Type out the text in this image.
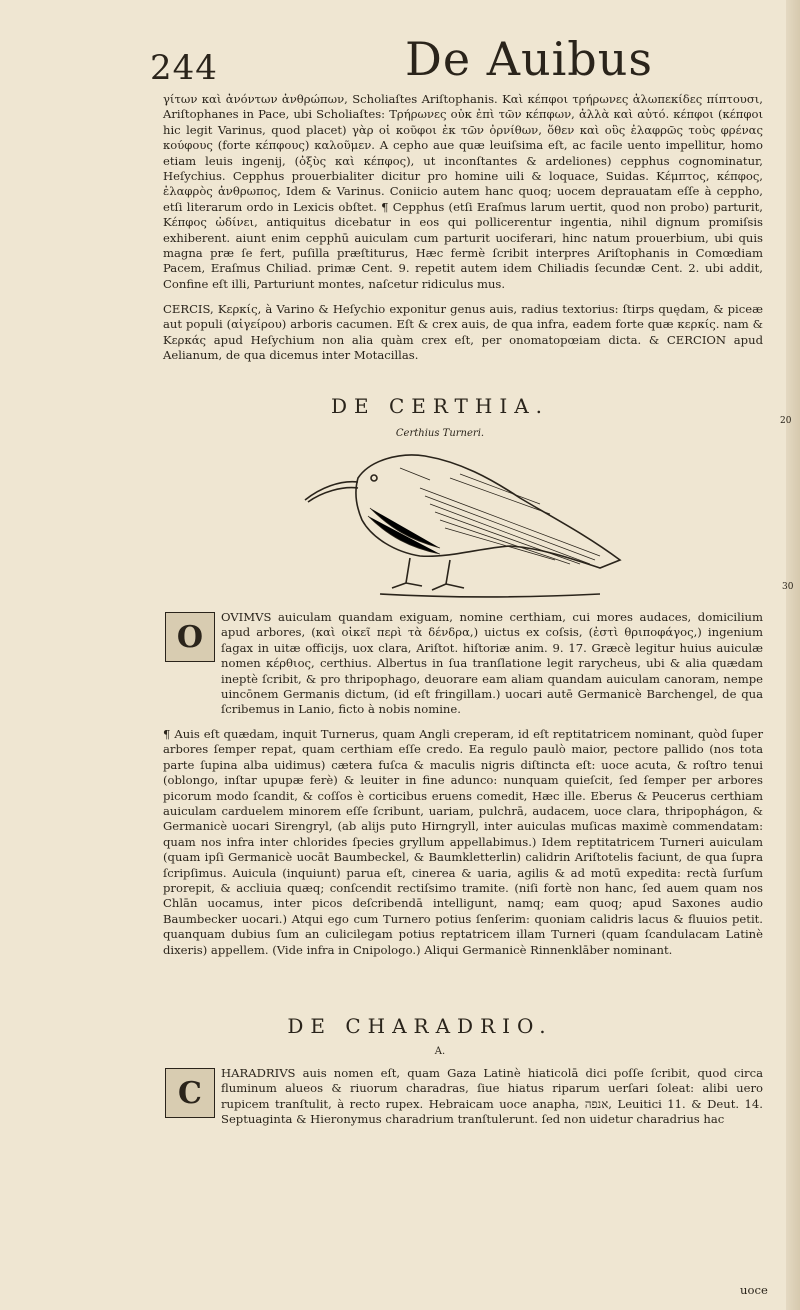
244	De Auibus

γίτων καὶ ἀνόντων ἀνθρώπων, Scholiaſtes Ariſtophanis. Καὶ κέπφοι τρήρωνες ἀλωπεκίδες πίπτουσι, Ariſtophanes in Pace, ubi Scholiaſtes: Τρήρωνες οὐκ ἐπὶ τῶν κέπφων, ἀλλὰ καὶ αὐτό. κέπφοι (κέπφοι hic legit Varinus, quod placet) γὰρ οἱ κοῦφοι ἐκ τῶν ὀρνίθων, ὅθεν καὶ οὓς ἐλαφρῶς τοὺς φρένας κούφους (forte κέπφους) καλοῦμεν. A cepho aue quæ leuiſsima eſt, ac facile uento impellitur, homo etiam leuis ingenij, (ὀξὺς καὶ κέπφος), ut inconſtantes & ardeliones) cepphus cognominatur, Heſychius. Cepphus prouerbialiter dicitur pro homine uili & loquace, Suidas. Κέμπτος, κέπφος, ἐλαφρὸς ἀνθρωπος, Idem & Varinus. Coniicio autem hanc quoq; uocem deprauatam eſſe à ceppho, etſi literarum ordo in Lexicis obſtet. ¶ Cepphus (etſi Eraſmus larum uertit, quod non probo) parturit, Κέπφος ὠδίνει, antiquitus dicebatur in eos qui pollicerentur ingentia, nihil dignum promiſsis exhiberent. aiunt enim cepphū auiculam cum parturit uociferari, hinc natum prouerbium, ubi quis magna præ ſe fert, puſilla præſtiturus, Hæc fermè ſcribit interpres Ariſtophanis in Comœdiam Pacem, Eraſmus Chiliad. primæ Cent. 9. repetit autem idem Chiliadis ſecundæ Cent. 2. ubi addit, Confine eſt illi, Parturiunt montes, naſcetur ridiculus mus.

CERCIS, Κερκίς, à Varino & Heſychio exponitur genus auis, radius textorius: ſtirps quędam, & piceæ aut populi (αἰγείρου) arboris cacumen. Eſt & crex auis, de qua infra, eadem forte quæ κερκίς. nam & Κερκάς apud Heſychium non alia quàm crex eſt, per onomatopœiam dicta. & CERCION apud Aelianum, de qua dicemus inter Motacillas.

DE CERTHIA.
Certhius Turneri.
20
30
O

OVIMVS auiculam quandam exiguam, nomine certhiam, cui mores audaces, domicilium apud arbores, (καὶ οἰκεῖ περὶ τὰ δένδρα,) uictus ex coſsis, (ἐστὶ θριποφάγος,) ingenium ſagax in uitæ officijs, uox clara, Ariſtot. hiſtoriæ anim. 9. 17. Græcè legitur huius auiculæ nomen κέρθιος, certhius. Albertus in ſua tranſlatione legit rarycheus, ubi & alia quædam ineptè ſcribit, & pro thripophago, deuorare eam aliam quandam auiculam canoram, nempe uincōnem Germanis dictum, (id eſt fringillam.) uocari autē Germanicè Barchengel, de qua ſcribemus in Lanio, ficto à nobis nomine.

¶ Auis eſt quædam, inquit Turnerus, quam Angli creperam, id eſt reptitatricem nominant, quòd ſuper arbores ſemper repat, quam certhiam eſſe credo. Ea regulo paulò maior, pectore pallido (nos tota parte ſupina alba uidimus) cætera fuſca & maculis nigris diſtincta eſt: uoce acuta, & roſtro tenui (oblongo, inſtar upupæ ferè) & leuiter in fine adunco: nunquam quieſcit, ſed ſemper per arbores picorum modo ſcandit, & coſſos è corticibus eruens comedit, Hæc ille. Eberus & Peucerus certhiam auiculam carduelem minorem eſſe ſcribunt, uariam, pulchrā, audacem, uoce clara, thripophágon, & Germanicè uocari Sirengryl, (ab alijs puto Hirngryll, inter auiculas muſicas maximè commendatam: quam nos infra inter chlorides ſpecies gryllum appellabimus.) Idem reptitatricem Turneri auiculam (quam ipſi Germanicè uocāt Baumbeckel, & Baumkletterlin) calidrin Ariſtotelis faciunt, de qua ſupra ſcripſimus. Auicula (inquiunt) parua eſt, cinerea & uaria, agilis & ad motū expedita: rectà ſurſum prorepit, & accliuia quæq; conſcendit rectiſsimo tramite. (niſi fortè non hanc, ſed auem quam nos Chlān uocamus, inter picos deſcribendā intelligunt, namq; eam quoq; apud Saxones audio Baumbecker uocari.) Atqui ego cum Turnero potius ſenſerim: quoniam calidris lacus & fluuios petit. quanquam dubius ſum an culicilegam potius reptatricem illam Turneri (quam ſcandulacam Latinè dixeris) appellem. (Vide infra in Cnipologo.) Aliqui Germanicè Rinnenklāber nominant.

DE CHARADRIO.
A.
C

HARADRIVS auis nomen eſt, quam Gaza Latinè hiaticolā dici poſſe ſcribit, quod circa fluminum alueos & riuorum charadras, ſiue hiatus riparum uerſari ſoleat: alibi uero rupicem tranſtulit, à recto rupex. Hebraicam uoce anapha, אנפה, Leuitici 11. & Deut. 14. Septuaginta & Hieronymus charadrium tranſtulerunt. ſed non uidetur charadrius hac

uoce
